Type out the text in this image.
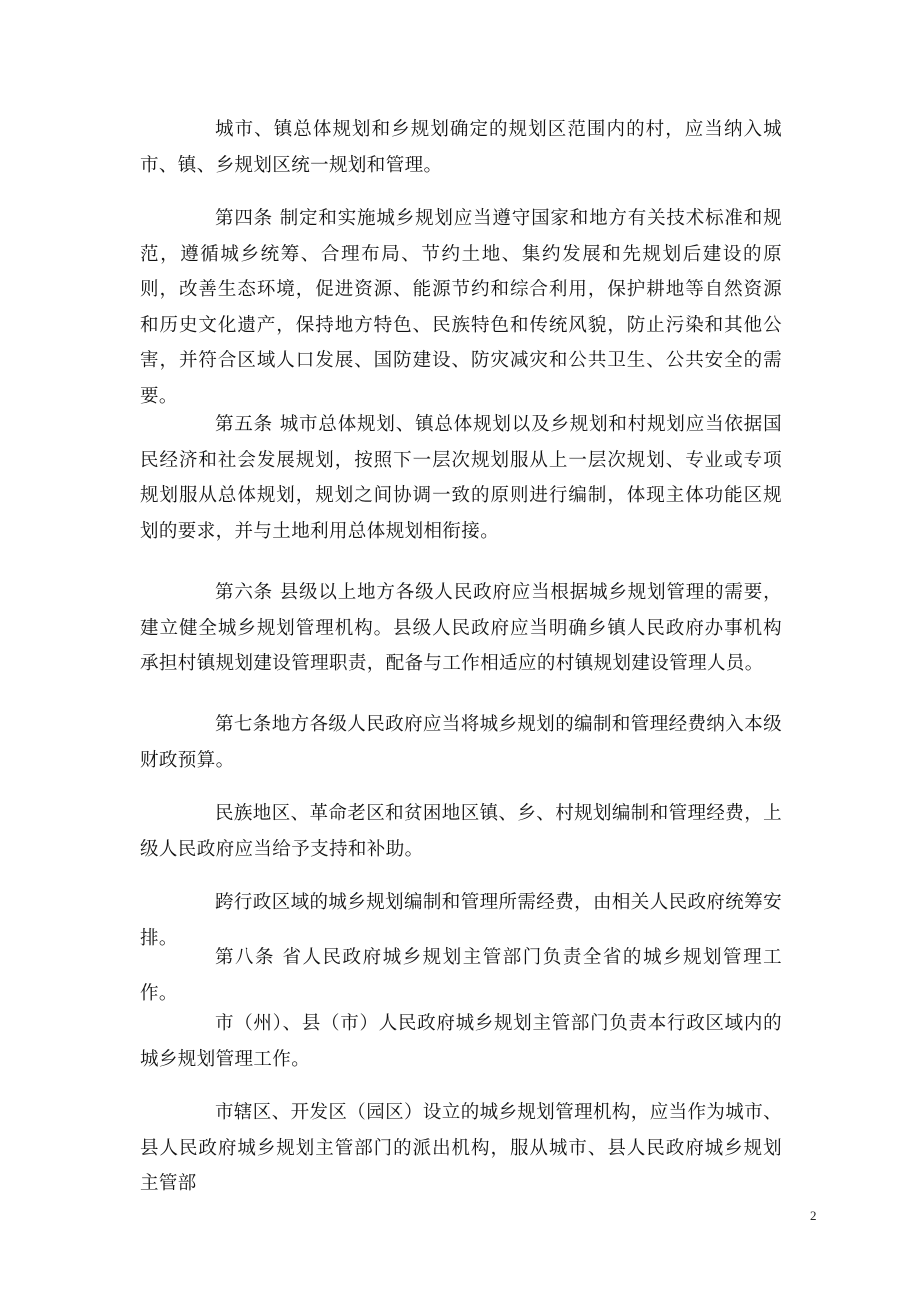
城市、镇总体规划和乡规划确定的规划区范围内的村，应当纳入城市、镇、乡规划区统一规划和管理。

第四条 制定和实施城乡规划应当遵守国家和地方有关技术标准和规范，遵循城乡统筹、合理布局、节约土地、集约发展和先规划后建设的原则，改善生态环境，促进资源、能源节约和综合利用，保护耕地等自然资源和历史文化遗产，保持地方特色、民族特色和传统风貌，防止污染和其他公害，并符合区域人口发展、国防建设、防灾减灾和公共卫生、公共安全的需要。

第五条 城市总体规划、镇总体规划以及乡规划和村规划应当依据国民经济和社会发展规划，按照下一层次规划服从上一层次规划、专业或专项规划服从总体规划，规划之间协调一致的原则进行编制，体现主体功能区规划的要求，并与土地利用总体规划相衔接。

第六条 县级以上地方各级人民政府应当根据城乡规划管理的需要，建立健全城乡规划管理机构。县级人民政府应当明确乡镇人民政府办事机构承担村镇规划建设管理职责，配备与工作相适应的村镇规划建设管理人员。

第七条地方各级人民政府应当将城乡规划的编制和管理经费纳入本级财政预算。

民族地区、革命老区和贫困地区镇、乡、村规划编制和管理经费，上级人民政府应当给予支持和补助。

跨行政区域的城乡规划编制和管理所需经费，由相关人民政府统筹安排。

第八条 省人民政府城乡规划主管部门负责全省的城乡规划管理工作。

市（州）、县（市）人民政府城乡规划主管部门负责本行政区域内的城乡规划管理工作。

市辖区、开发区（园区）设立的城乡规划管理机构，应当作为城市、县人民政府城乡规划主管部门的派出机构，服从城市、县人民政府城乡规划主管部

2
